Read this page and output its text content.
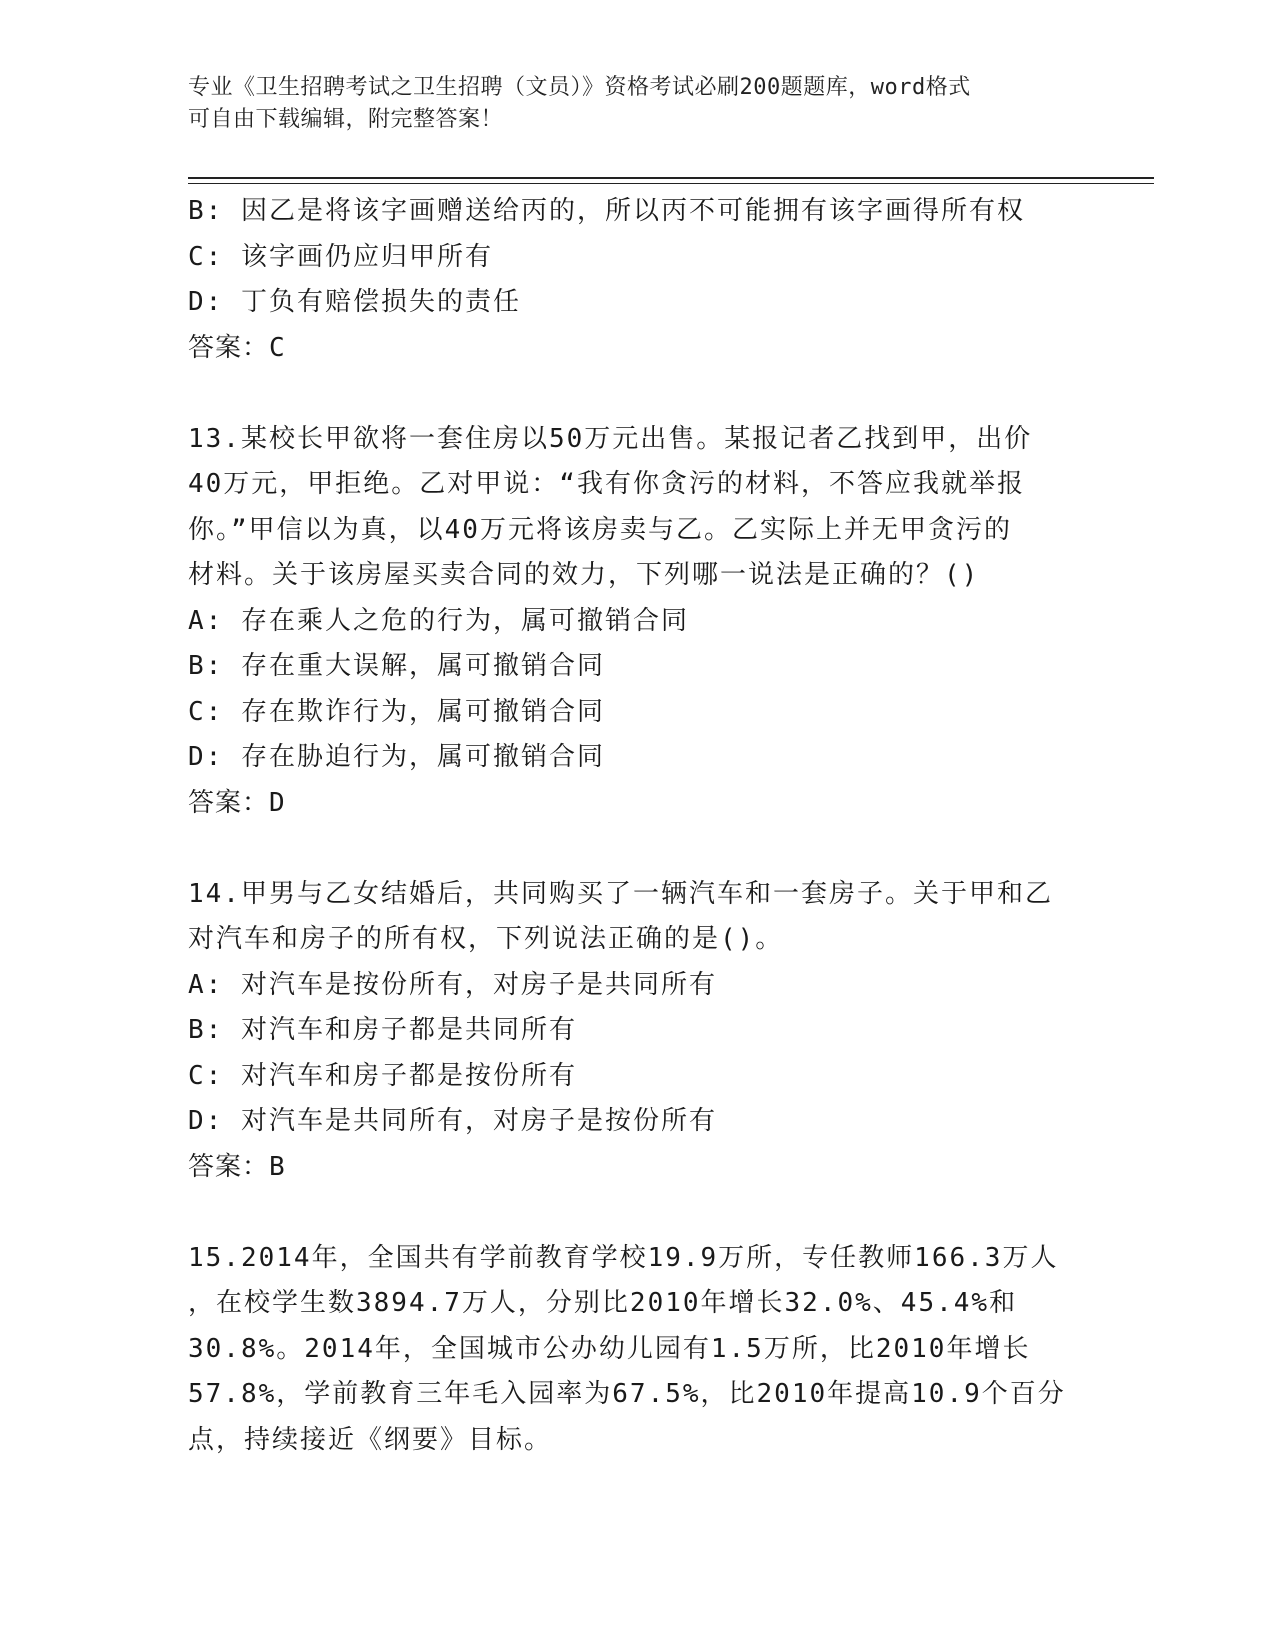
专业《卫生招聘考试之卫生招聘（文员）》资格考试必刷200题题库，word格式

可自由下载编辑，附完整答案！

B: 因乙是将该字画赠送给丙的，所以丙不可能拥有该字画得所有权

C: 该字画仍应归甲所有

D: 丁负有赔偿损失的责任

答案：C

13.某校长甲欲将一套住房以50万元出售。某报记者乙找到甲，出价

40万元，甲拒绝。乙对甲说：“我有你贪污的材料，不答应我就举报

你。”甲信以为真，以40万元将该房卖与乙。乙实际上并无甲贪污的

材料。关于该房屋买卖合同的效力，下列哪一说法是正确的？()

A: 存在乘人之危的行为，属可撤销合同

B: 存在重大误解，属可撤销合同

C: 存在欺诈行为，属可撤销合同

D: 存在胁迫行为，属可撤销合同

答案：D

14.甲男与乙女结婚后，共同购买了一辆汽车和一套房子。关于甲和乙

对汽车和房子的所有权，下列说法正确的是()。

A: 对汽车是按份所有，对房子是共同所有

B: 对汽车和房子都是共同所有

C: 对汽车和房子都是按份所有

D: 对汽车是共同所有，对房子是按份所有

答案：B

15.2014年，全国共有学前教育学校19.9万所，专任教师166.3万人

，在校学生数3894.7万人，分别比2010年增长32.0%、45.4%和

30.8%。2014年，全国城市公办幼儿园有1.5万所，比2010年增长

57.8%，学前教育三年毛入园率为67.5%，比2010年提高10.9个百分

点，持续接近《纲要》目标。
